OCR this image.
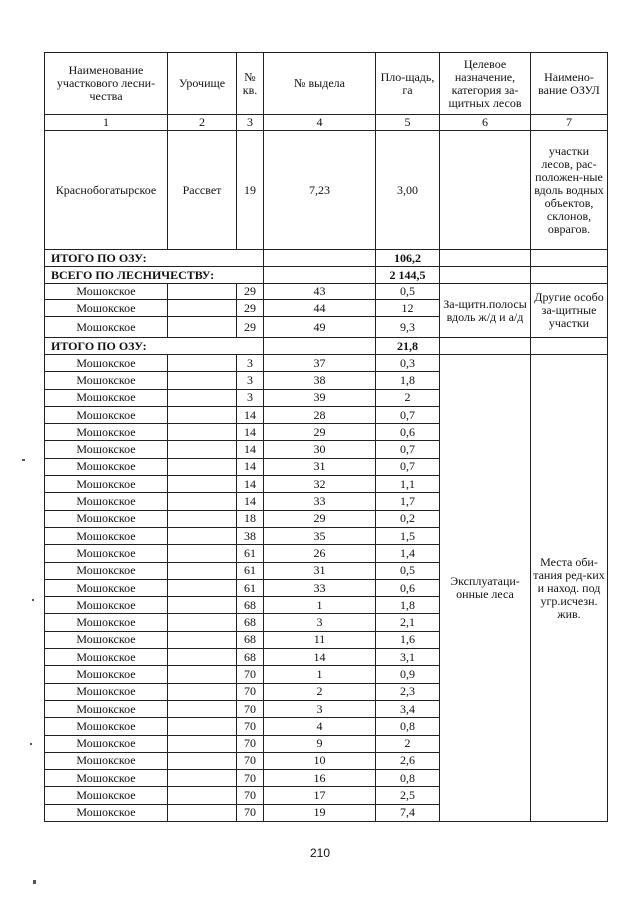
Наименование участкового лесни-чества	Урочище	№ кв.	№ выдела	Пло-щадь, га	Целевое назначение, категория за-щитных лесов	Наимено-вание ОЗУЛ
1	2	3	4	5	6	7
Краснобогатырское	Рассвет	19	7,23	3,00		участки лесов, рас-положен-ные вдоль водных объектов, склонов, оврагов.
ИТОГО ПО ОЗУ:				106,2		
ВСЕГО ПО ЛЕСНИЧЕСТВУ:				2 144,5		
Мошокское		29	43	0,5	За-щитн.полосы вдоль ж/д и а/д	Другие особо за-щитные участки
Мошокское		29	44	12		
Мошокское		29	49	9,3		
ИТОГО ПО ОЗУ:				21,8		
Мошокское		3	37	0,3	Эксплуатаци-онные леса	Места оби-тания ред-ких и наход. под угр.исчезн. жив.
Мошокское		3	38	1,8		
Мошокское		3	39	2		
Мошокское		14	28	0,7		
Мошокское		14	29	0,6		
Мошокское		14	30	0,7		
Мошокское		14	31	0,7		
Мошокское		14	32	1,1		
Мошокское		14	33	1,7		
Мошокское		18	29	0,2		
Мошокское		38	35	1,5		
Мошокское		61	26	1,4		
Мошокское		61	31	0,5		
Мошокское		61	33	0,6		
Мошокское		68	1	1,8		
Мошокское		68	3	2,1		
Мошокское		68	11	1,6		
Мошокское		68	14	3,1		
Мошокское		70	1	0,9		
Мошокское		70	2	2,3		
Мошокское		70	3	3,4		
Мошокское		70	4	0,8		
Мошокское		70	9	2		
Мошокское		70	10	2,6		
Мошокское		70	16	0,8		
Мошокское		70	17	2,5		
Мошокское		70	19	7,4		
210
